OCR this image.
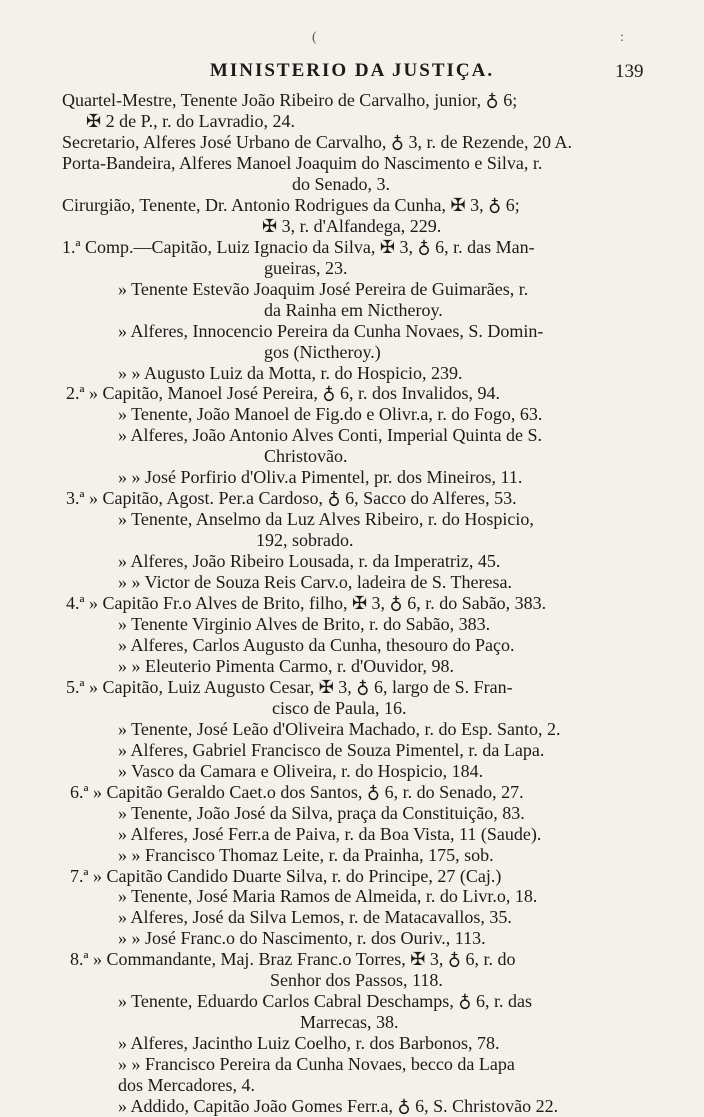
(	:
MINISTERIO DA JUSTIÇA.	139
Quartel-Mestre, Tenente João Ribeiro de Carvalho, junior, ♁ 6;
✠ 2 de P., r. do Lavradio, 24.
Secretario, Alferes José Urbano de Carvalho, ♁ 3, r. de Rezende, 20 A.
Porta-Bandeira, Alferes Manoel Joaquim do Nascimento e Silva, r.
do Senado, 3.
Cirurgião, Tenente, Dr. Antonio Rodrigues da Cunha, ✠ 3, ♁ 6;
✠ 3, r. d'Alfandega, 229.
1.ª Comp.—Capitão, Luiz Ignacio da Silva, ✠ 3, ♁ 6, r. das Man-
gueiras, 23.
» Tenente Estevão Joaquim José Pereira de Guimarães, r.
da Rainha em Nictheroy.
» Alferes, Innocencio Pereira da Cunha Novaes, S. Domin-
gos (Nictheroy.)
» » Augusto Luiz da Motta, r. do Hospicio, 239.
2.ª » Capitão, Manoel José Pereira, ♁ 6, r. dos Invalidos, 94.
» Tenente, João Manoel de Fig.do e Olivr.a, r. do Fogo, 63.
» Alferes, João Antonio Alves Conti, Imperial Quinta de S.
Christovão.
» » José Porfirio d'Oliv.a Pimentel, pr. dos Mineiros, 11.
3.ª » Capitão, Agost. Per.a Cardoso, ♁ 6, Sacco do Alferes, 53.
» Tenente, Anselmo da Luz Alves Ribeiro, r. do Hospicio,
192, sobrado.
» Alferes, João Ribeiro Lousada, r. da Imperatriz, 45.
» » Victor de Souza Reis Carv.o, ladeira de S. Theresa.
4.ª » Capitão Fr.o Alves de Brito, filho, ✠ 3, ♁ 6, r. do Sabão, 383.
» Tenente Virginio Alves de Brito, r. do Sabão, 383.
» Alferes, Carlos Augusto da Cunha, thesouro do Paço.
» » Eleuterio Pimenta Carmo, r. d'Ouvidor, 98.
5.ª » Capitão, Luiz Augusto Cesar, ✠ 3, ♁ 6, largo de S. Fran-
cisco de Paula, 16.
» Tenente, José Leão d'Oliveira Machado, r. do Esp. Santo, 2.
» Alferes, Gabriel Francisco de Souza Pimentel, r. da Lapa.
» Vasco da Camara e Oliveira, r. do Hospicio, 184.
6.ª » Capitão Geraldo Caet.o dos Santos, ♁ 6, r. do Senado, 27.
» Tenente, João José da Silva, praça da Constituição, 83.
» Alferes, José Ferr.a de Paiva, r. da Boa Vista, 11 (Saude).
» » Francisco Thomaz Leite, r. da Prainha, 175, sob.
7.ª » Capitão Candido Duarte Silva, r. do Principe, 27 (Caj.)
» Tenente, José Maria Ramos de Almeida, r. do Livr.o, 18.
» Alferes, José da Silva Lemos, r. de Matacavallos, 35.
» » José Franc.o do Nascimento, r. dos Ouriv., 113.
8.ª » Commandante, Maj. Braz Franc.o Torres, ✠ 3, ♁ 6, r. do
Senhor dos Passos, 118.
» Tenente, Eduardo Carlos Cabral Deschamps, ♁ 6, r. das
Marrecas, 38.
» Alferes, Jacintho Luiz Coelho, r. dos Barbonos, 78.
» » Francisco Pereira da Cunha Novaes, becco da Lapa
dos Mercadores, 4.
» Addido, Capitão João Gomes Ferr.a, ♁ 6, S. Christovão 22.
